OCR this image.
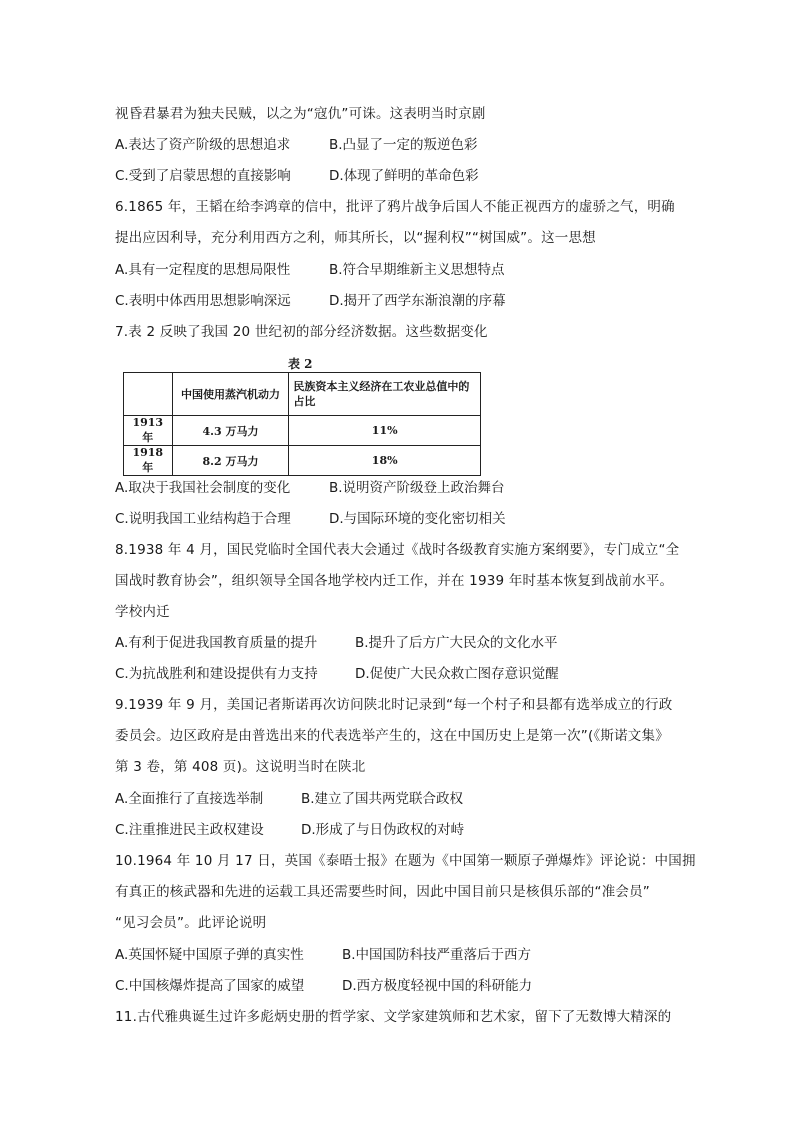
视昏君暴君为独夫民贼，以之为“寇仇”可诛。这表明当时京剧
A.表达了资产阶级的思想追求	B.凸显了一定的叛逆色彩
C.受到了启蒙思想的直接影响	D.体现了鲜明的革命色彩
6.1865 年，王韬在给李鸿章的信中，批评了鸦片战争后国人不能正视西方的虚骄之气，明确
提出应因利导，充分利用西方之利，师其所长，以“握利权”“树国威”。这一思想
A.具有一定程度的思想局限性	B.符合早期维新主义思想特点
C.表明中体西用思想影响深远	D.揭开了西学东渐浪潮的序幕
7.表 2 反映了我国 20 世纪初的部分经济数据。这些数据变化
表 2
	中国使用蒸汽机动力	民族资本主义经济在工农业总值中的占比
1913 年	4.3 万马力	11%
1918 年	8.2 万马力	18%
A.取决于我国社会制度的变化	B.说明资产阶级登上政治舞台
C.说明我国工业结构趋于合理	D.与国际环境的变化密切相关
8.1938 年 4 月，国民党临时全国代表大会通过《战时各级教育实施方案纲要》，专门成立“全
国战时教育协会”，组织领导全国各地学校内迁工作，并在 1939 年时基本恢复到战前水平。
学校内迁
A.有利于促进我国教育质量的提升	B.提升了后方广大民众的文化水平
C.为抗战胜利和建设提供有力支持	D.促使广大民众救亡图存意识觉醒
9.1939 年 9 月，美国记者斯诺再次访问陕北时记录到“每一个村子和县都有选举成立的行政
委员会。边区政府是由普选出来的代表选举产生的，这在中国历史上是第一次”(《斯诺文集》
第 3 卷，第 408 页)。这说明当时在陕北
A.全面推行了直接选举制	B.建立了国共两党联合政权
C.注重推进民主政权建设	D.形成了与日伪政权的对峙
10.1964 年 10 月 17 日，英国《泰晤士报》在题为《中国第一颗原子弹爆炸》评论说：中国拥
有真正的核武器和先进的运载工具还需要些时间，因此中国目前只是核俱乐部的“准会员”
“见习会员”。此评论说明
A.英国怀疑中国原子弹的真实性	B.中国国防科技严重落后于西方
C.中国核爆炸提高了国家的威望	D.西方极度轻视中国的科研能力
11.古代雅典诞生过许多彪炳史册的哲学家、文学家建筑师和艺术家，留下了无数博大精深的
